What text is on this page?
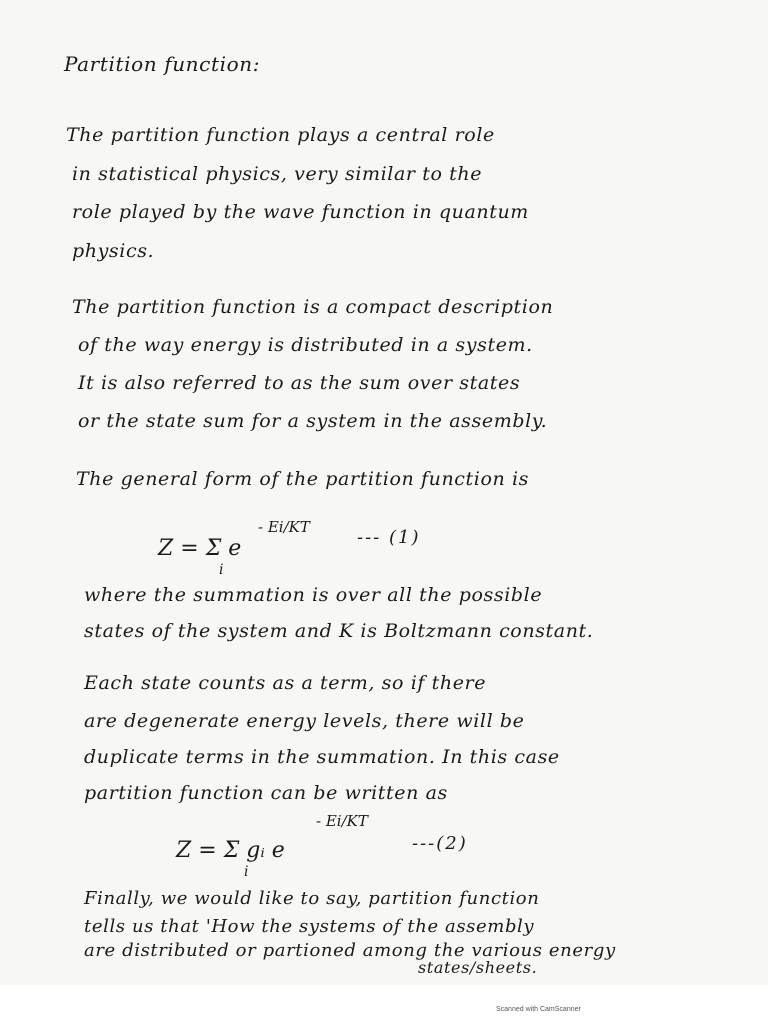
Partition function:
The partition function plays a central role
in statistical physics, very similar to the
role played by the wave function in quantum
physics.
The partition function is a compact description
of the way energy is distributed in a system.
It is also referred to as the sum over states
or the state sum for a system in the assembly.
The general form of the partition function is
Z = Σ e
i
- Ei/KT	--- (1)
where the summation is over all the possible
states of the system and K is Boltzmann constant.
Each state counts as a term, so if there
are degenerate energy levels, there will be
duplicate terms in the summation. In this case
partition function can be written as
Z = Σ gᵢ e
i
- Ei/KT
---(2)
Finally, we would like to say, partition function
tells us that 'How the systems of the assembly
are distributed or partioned among the various energy
states/sheets.
Scanned with CamScanner
